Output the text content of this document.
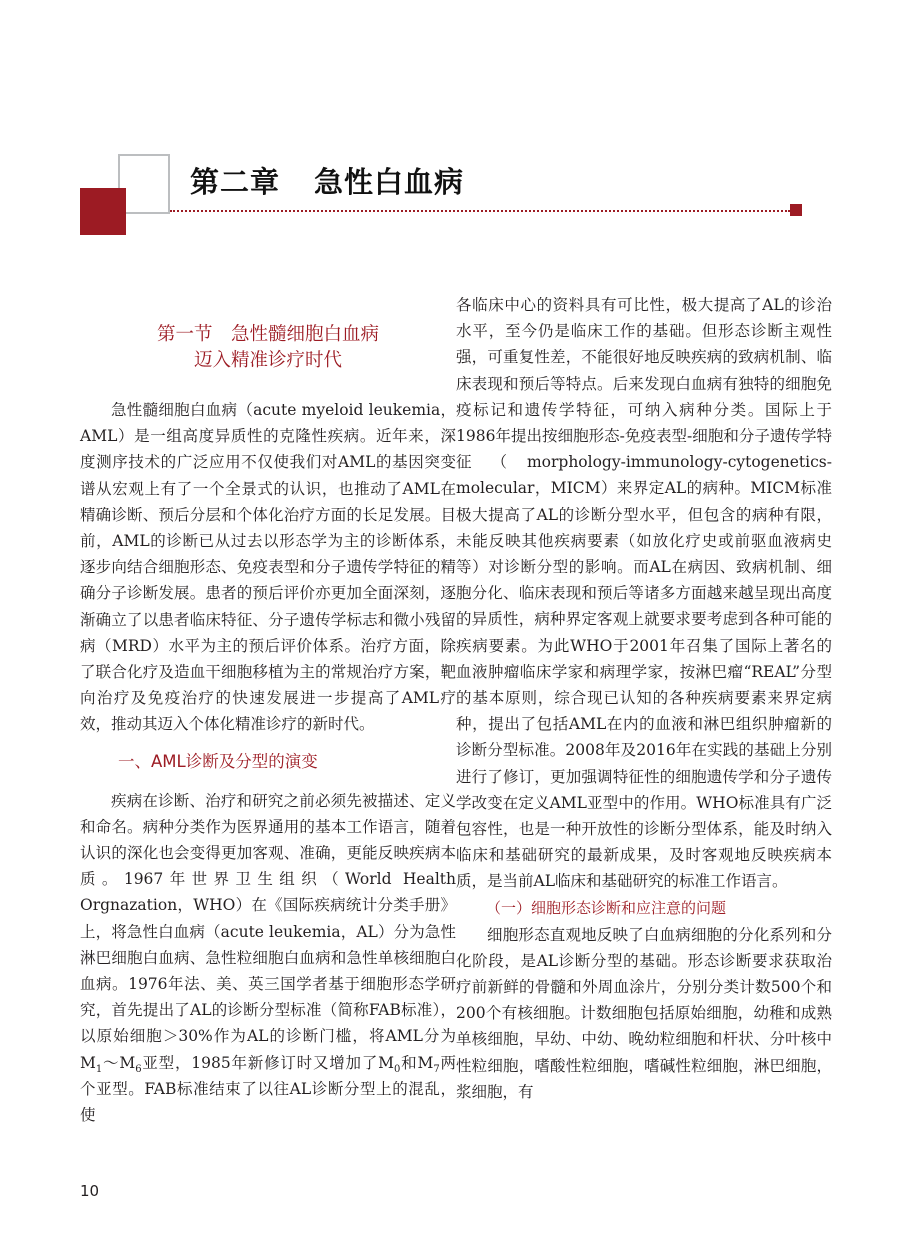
第二章 急性白血病
第一节　急性髓细胞白血病
迈入精准诊疗时代

急性髓细胞白血病（acute myeloid leukemia，AML）是一组高度异质性的克隆性疾病。近年来，深度测序技术的广泛应用不仅使我们对AML的基因突变谱从宏观上有了一个全景式的认识，也推动了AML在精确诊断、预后分层和个体化治疗方面的长足发展。目前，AML的诊断已从过去以形态学为主的诊断体系，逐步向结合细胞形态、免疫表型和分子遗传学特征的精确分子诊断发展。患者的预后评价亦更加全面深刻，逐渐确立了以患者临床特征、分子遗传学标志和微小残留病（MRD）水平为主的预后评价体系。治疗方面，除了联合化疗及造血干细胞移植为主的常规治疗方案，靶向治疗及免疫治疗的快速发展进一步提高了AML疗效，推动其迈入个体化精准诊疗的新时代。

一、AML诊断及分型的演变

疾病在诊断、治疗和研究之前必须先被描述、定义和命名。病种分类作为医界通用的基本工作语言，随着认识的深化也会变得更加客观、准确，更能反映疾病本质。1967年世界卫生组织（World Health Orgnazation，WHO）在《国际疾病统计分类手册》上，将急性白血病（acute leukemia，AL）分为急性淋巴细胞白血病、急性粒细胞白血病和急性单核细胞白血病。1976年法、美、英三国学者基于细胞形态学研究，首先提出了AL的诊断分型标准（简称FAB标准），以原始细胞＞30%作为AL的诊断门槛，将AML分为$M_1\sim M_6$亚型，1985年新修订时又增加了$M_0$和$M_7$两个亚型。FAB标准结束了以往AL诊断分型上的混乱，使

各临床中心的资料具有可比性，极大提高了AL的诊治水平，至今仍是临床工作的基础。但形态诊断主观性强，可重复性差，不能很好地反映疾病的致病机制、临床表现和预后等特点。后来发现白血病有独特的细胞免疫标记和遗传学特征，可纳入病种分类。国际上于1986年提出按细胞形态-免疫表型-细胞和分子遗传学特征（morphology-immunology-cytogenetics-molecular，MICM）来界定AL的病种。MICM标准极大提高了AL的诊断分型水平，但包含的病种有限，未能反映其他疾病要素（如放化疗史或前驱血液病史等）对诊断分型的影响。而AL在病因、致病机制、细胞分化、临床表现和预后等诸多方面越来越呈现出高度的异质性，病种界定客观上就要求要考虑到各种可能的疾病要素。为此WHO于2001年召集了国际上著名的血液肿瘤临床学家和病理学家，按淋巴瘤“REAL”分型的基本原则，综合现已认知的各种疾病要素来界定病种，提出了包括AML在内的血液和淋巴组织肿瘤新的诊断分型标准。2008年及2016年在实践的基础上分别进行了修订，更加强调特征性的细胞遗传学和分子遗传学改变在定义AML亚型中的作用。WHO标准具有广泛包容性，也是一种开放性的诊断分型体系，能及时纳入临床和基础研究的最新成果，及时客观地反映疾病本质，是当前AL临床和基础研究的标准工作语言。

（一）细胞形态诊断和应注意的问题

细胞形态直观地反映了白血病细胞的分化系列和分化阶段，是AL诊断分型的基础。形态诊断要求获取治疗前新鲜的骨髓和外周血涂片，分别分类计数500个和200个有核细胞。计数细胞包括原始细胞，幼稚和成熟单核细胞，早幼、中幼、晚幼粒细胞和杆状、分叶核中性粒细胞，嗜酸性粒细胞，嗜碱性粒细胞，淋巴细胞，浆细胞，有

10
